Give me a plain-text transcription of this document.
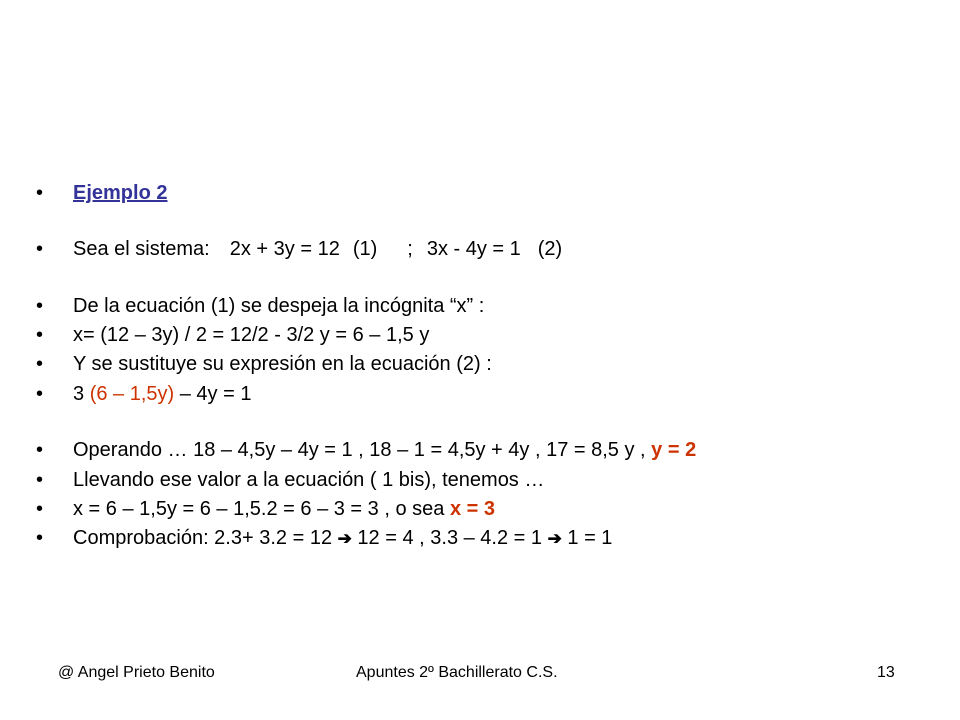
• Ejemplo 2
• Sea el sistema: 2x + 3y = 12 (1) ; 3x - 4y = 1 (2)
• De la ecuación (1) se despeja la incógnita “x” :
• x= (12 – 3y) / 2 = 12/2 - 3/2 y = 6 – 1,5 y
• Y se sustituye su expresión en la ecuación (2) :
• 3 (6 – 1,5y) – 4y = 1
• Operando … 18 – 4,5y – 4y = 1 , 18 – 1 = 4,5y + 4y , 17 = 8,5 y , y = 2
• Llevando ese valor a la ecuación ( 1 bis), tenemos …
• x = 6 – 1,5y = 6 – 1,5.2 = 6 – 3 = 3 , o sea x = 3
• Comprobación: 2.3+ 3.2 = 12 ➔ 12 = 4 , 3.3 – 4.2 = 1 ➔ 1 = 1
@ Angel Prieto Benito	Apuntes 2º Bachillerato C.S.	13
